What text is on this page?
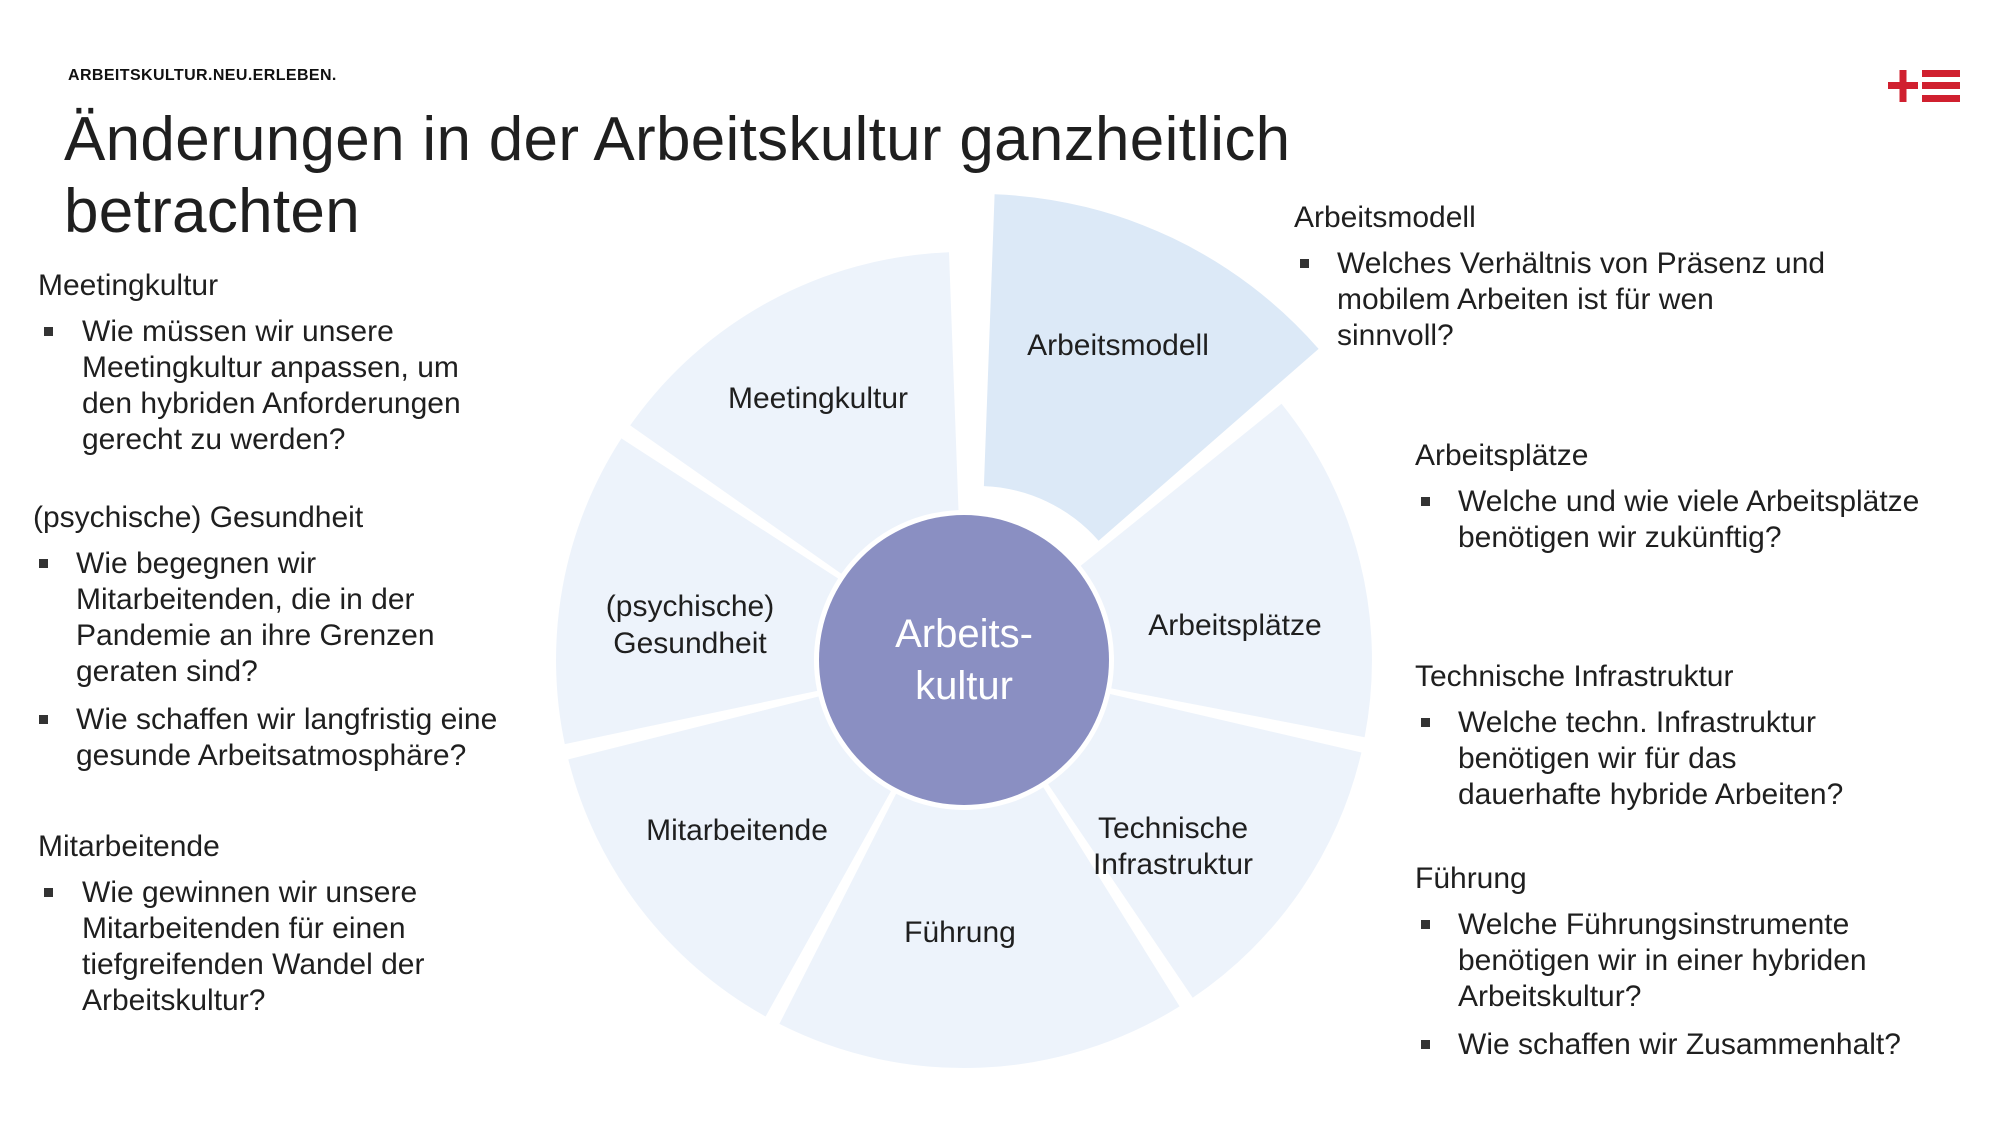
ARBEITSKULTUR.NEU.ERLEBEN.
Änderungen in der Arbeitskultur ganzheitlich
betrachten
Arbeits-
kultur
Arbeitsmodell
Arbeitsplätze
Technische
Infrastruktur
Führung
Mitarbeitende
(psychische)
Gesundheit
Meetingkultur
Meetingkultur
Wie müssen wir unsere
Meetingkultur anpassen, um
den hybriden Anforderungen
gerecht zu werden?
(psychische) Gesundheit
Wie begegnen wir
Mitarbeitenden, die in der
Pandemie an ihre Grenzen
geraten sind?
Wie schaffen wir langfristig eine
gesunde Arbeitsatmosphäre?
Mitarbeitende
Wie gewinnen wir unsere
Mitarbeitenden für einen
tiefgreifenden Wandel der
Arbeitskultur?
Arbeitsmodell
Welches Verhältnis von Präsenz und
mobilem Arbeiten ist für wen
sinnvoll?
Arbeitsplätze
Welche und wie viele Arbeitsplätze
benötigen wir zukünftig?
Technische Infrastruktur
Welche techn. Infrastruktur
benötigen wir für das
dauerhafte hybride Arbeiten?
Führung
Welche Führungsinstrumente
benötigen wir in einer hybriden
Arbeitskultur?
Wie schaffen wir Zusammenhalt?
